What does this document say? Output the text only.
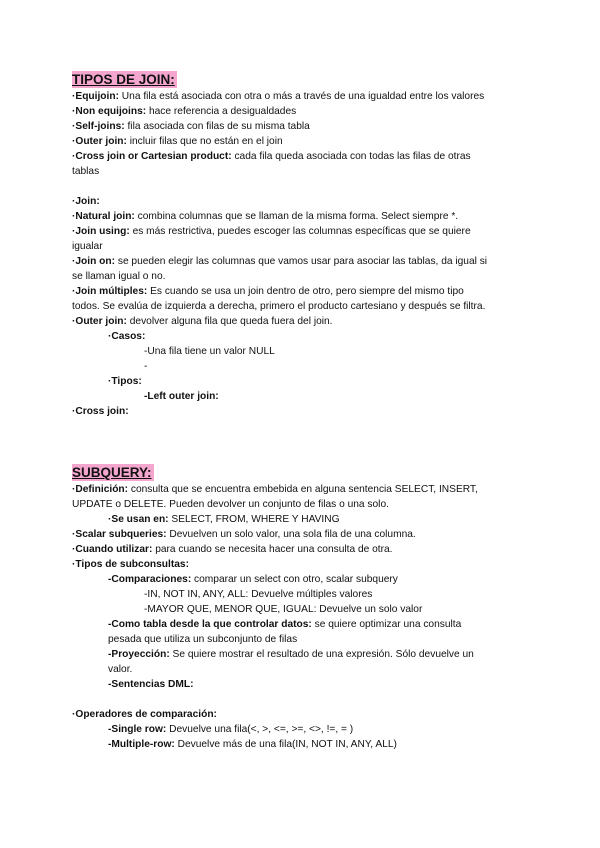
TIPOS DE JOIN:
·Equijoin: Una fila está asociada con otra o más a través de una igualdad entre los valores
·Non equijoins: hace referencia a desigualdades
·Self-joins: fila asociada con filas de su misma tabla
·Outer join: incluir filas que no están en el join
·Cross join or Cartesian product: cada fila queda asociada con todas las filas de otras
tablas
·Join:
·Natural join: combina columnas que se llaman de la misma forma. Select siempre *.
·Join using: es más restrictiva, puedes escoger las columnas específicas que se quiere
igualar
·Join on: se pueden elegir las columnas que vamos usar para asociar las tablas, da igual si
se llaman igual o no.
·Join múltiples: Es cuando se usa un join dentro de otro, pero siempre del mismo tipo
todos. Se evalúa de izquierda a derecha, primero el producto cartesiano y después se filtra.
·Outer join: devolver alguna fila que queda fuera del join.
·Casos:
-Una fila tiene un valor NULL
-
·Tipos:
-Left outer join:
·Cross join:
SUBQUERY:
·Definición: consulta que se encuentra embebida en alguna sentencia SELECT, INSERT,
UPDATE o DELETE. Pueden devolver un conjunto de filas o una solo.
·Se usan en: SELECT, FROM, WHERE Y HAVING
·Scalar subqueries: Devuelven un solo valor, una sola fila de una columna.
·Cuando utilizar: para cuando se necesita hacer una consulta de otra.
·Tipos de subconsultas:
-Comparaciones: comparar un select con otro, scalar subquery
-IN, NOT IN, ANY, ALL: Devuelve múltiples valores
-MAYOR QUE, MENOR QUE, IGUAL: Devuelve un solo valor
-Como tabla desde la que controlar datos: se quiere optimizar una consulta
pesada que utiliza un subconjunto de filas
-Proyección: Se quiere mostrar el resultado de una expresión. Sólo devuelve un
valor.
-Sentencias DML:
·Operadores de comparación:
-Single row: Devuelve una fila(<, >, <=, >=, <>, !=, = )
-Multiple-row: Devuelve más de una fila(IN, NOT IN, ANY, ALL)
